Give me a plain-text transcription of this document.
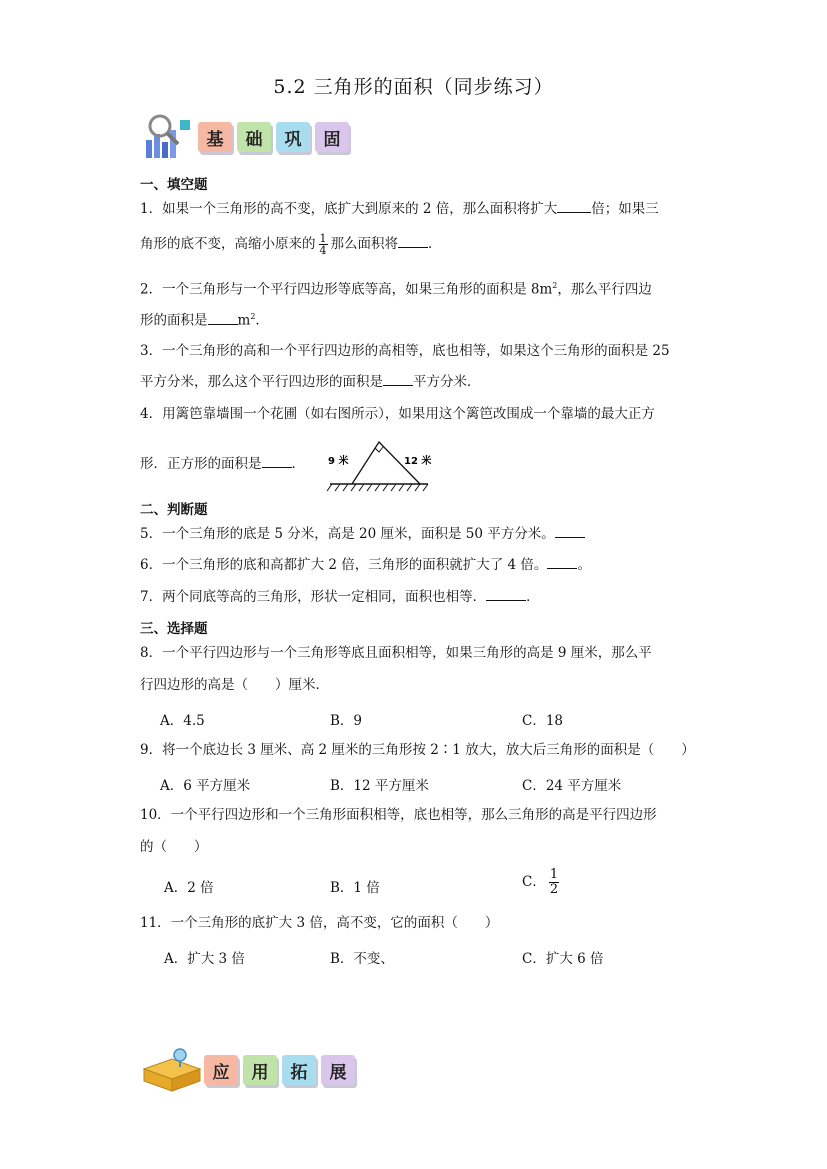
5.2 三角形的面积（同步练习）
基	础	巩	固
一、填空题
1．如果一个三角形的高不变，底扩大到原来的 2 倍，那么面积将扩大	倍；如果三
角形的底不变，高缩小原来的 $\frac{1}{4}$ 那么面积将 ．
2．一个三角形与一个平行四边形等底等高，如果三角形的面积是 $8m^2$，那么平行四边
形的面积是 $m^2$．
3．一个三角形的高和一个平行四边形的高相等，底也相等，如果这个三角形的面积是 25
平方分米，那么这个平行四边形的面积是 平方分米．
4．用篱笆靠墙围一个花圃（如右图所示），如果用这个篱笆改围成一个靠墙的最大正方
形．正方形的面积是 ． 9 米	12 米
二、判断题
5．一个三角形的底是 5 分米，高是 20 厘米，面积是 50 平方分米。
6．一个三角形的底和高都扩大 2 倍，三角形的面积就扩大了 4 倍。 。
7．两个同底等高的三角形，形状一定相同，面积也相等．	．
三、选择题
8．一个平行四边形与一个三角形等底且面积相等，如果三角形的高是 9 厘米，那么平
行四边形的高是（　　）厘米．
A．4.5	B．9	C．18
9．将一个底边长 3 厘米、高 2 厘米的三角形按 2∶1 放大，放大后三角形的面积是（　　）
A．6 平方厘米	B．12 平方厘米	C．24 平方厘米
10．一个平行四边形和一个三角形面积相等，底也相等，那么三角形的高是平行四边形
的（　　）
A．2 倍	B．1 倍	C． $\frac{1}{2}$
11．一个三角形的底扩大 3 倍，高不变，它的面积（　　）
A．扩大 3 倍	B．不变、	C．扩大 6 倍
应	用	拓	展
